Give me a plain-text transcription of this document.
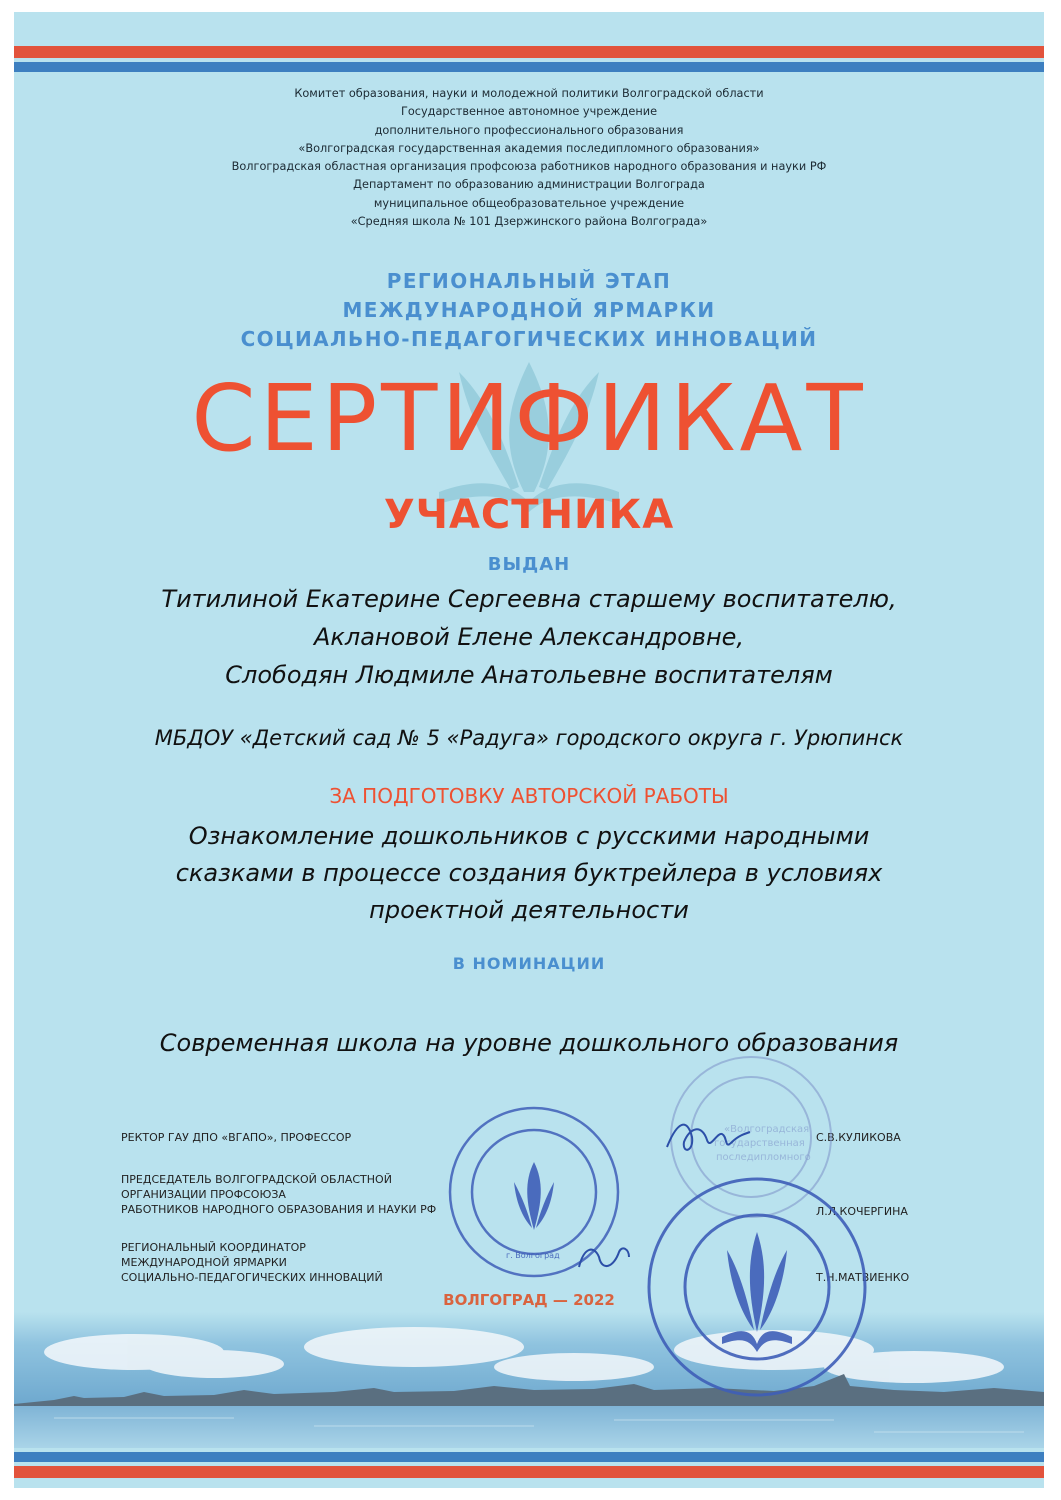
Комитет образования, науки и молодежной политики Волгоградской области
Государственное автономное учреждение
дополнительного профессионального образования
«Волгоградская государственная академия последипломного образования»
Волгоградская областная организация профсоюза работников народного образования и науки РФ
Департамент по образованию администрации Волгограда
муниципальное общеобразовательное учреждение
«Средняя школа № 101 Дзержинского района Волгограда»
РЕГИОНАЛЬНЫЙ ЭТАП
МЕЖДУНАРОДНОЙ ЯРМАРКИ
СОЦИАЛЬНО-ПЕДАГОГИЧЕСКИХ ИННОВАЦИЙ
СЕРТИФИКАТ
УЧАСТНИКА
ВЫДАН
Титилиной Екатерине Сергеевна старшему воспитателю,
Аклановой Елене Александровне,
Слободян Людмиле Анатольевне воспитателям
МБДОУ «Детский сад № 5 «Радуга» городского округа г. Урюпинск
ЗА ПОДГОТОВКУ АВТОРСКОЙ РАБОТЫ
Ознакомление дошкольников с русскими народными
сказками в процессе создания буктрейлера в условиях
проектной деятельности
В НОМИНАЦИИ
Современная школа на уровне дошкольного образования
РЕКТОР ГАУ ДПО «ВГАПО», ПРОФЕССОР	С.В.КУЛИКОВА
ПРЕДСЕДАТЕЛЬ ВОЛГОГРАДСКОЙ ОБЛАСТНОЙ
ОРГАНИЗАЦИИ ПРОФСОЮЗА
РАБОТНИКОВ НАРОДНОГО ОБРАЗОВАНИЯ И НАУКИ РФ	Л.Л.КОЧЕРГИНА
РЕГИОНАЛЬНЫЙ КООРДИНАТОР
МЕЖДУНАРОДНОЙ ЯРМАРКИ
СОЦИАЛЬНО-ПЕДАГОГИЧЕСКИХ ИННОВАЦИЙ	Т.Н.МАТВИЕНКО
ВОЛГОГРАД — 2022
«Волгоградская
государственная
последипломного
г. Волгоград
